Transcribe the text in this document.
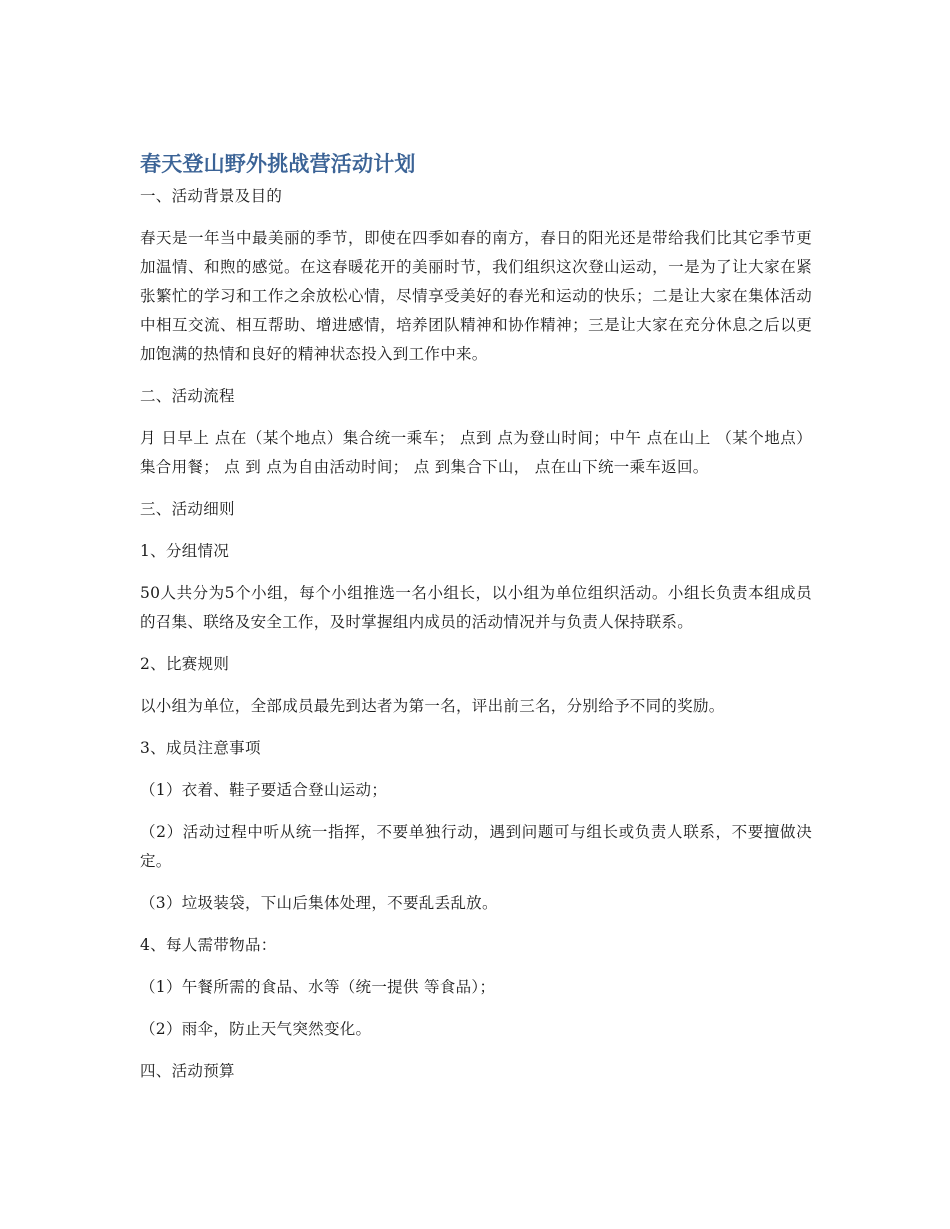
春天登山野外挑战营活动计划

一、活动背景及目的

春天是一年当中最美丽的季节，即使在四季如春的南方，春日的阳光还是带给我们比其它季节更加温情、和煦的感觉。在这春暖花开的美丽时节，我们组织这次登山运动，一是为了让大家在紧张繁忙的学习和工作之余放松心情，尽情享受美好的春光和运动的快乐；二是让大家在集体活动中相互交流、相互帮助、增进感情，培养团队精神和协作精神；三是让大家在充分休息之后以更加饱满的热情和良好的精神状态投入到工作中来。

二、活动流程

月 日早上 点在（某个地点）集合统一乘车； 点到 点为登山时间；中午 点在山上 （某个地点）集合用餐； 点 到 点为自由活动时间； 点 到集合下山， 点在山下统一乘车返回。

三、活动细则

1、分组情况

50人共分为5个小组，每个小组推选一名小组长，以小组为单位组织活动。小组长负责本组成员的召集、联络及安全工作，及时掌握组内成员的活动情况并与负责人保持联系。

2、比赛规则

以小组为单位，全部成员最先到达者为第一名，评出前三名，分别给予不同的奖励。

3、成员注意事项

（1）衣着、鞋子要适合登山运动；

（2）活动过程中听从统一指挥，不要单独行动，遇到问题可与组长或负责人联系，不要擅做决定。

（3）垃圾装袋，下山后集体处理，不要乱丢乱放。

4、每人需带物品：

（1）午餐所需的食品、水等（统一提供 等食品）；

（2）雨伞，防止天气突然变化。

四、活动预算
